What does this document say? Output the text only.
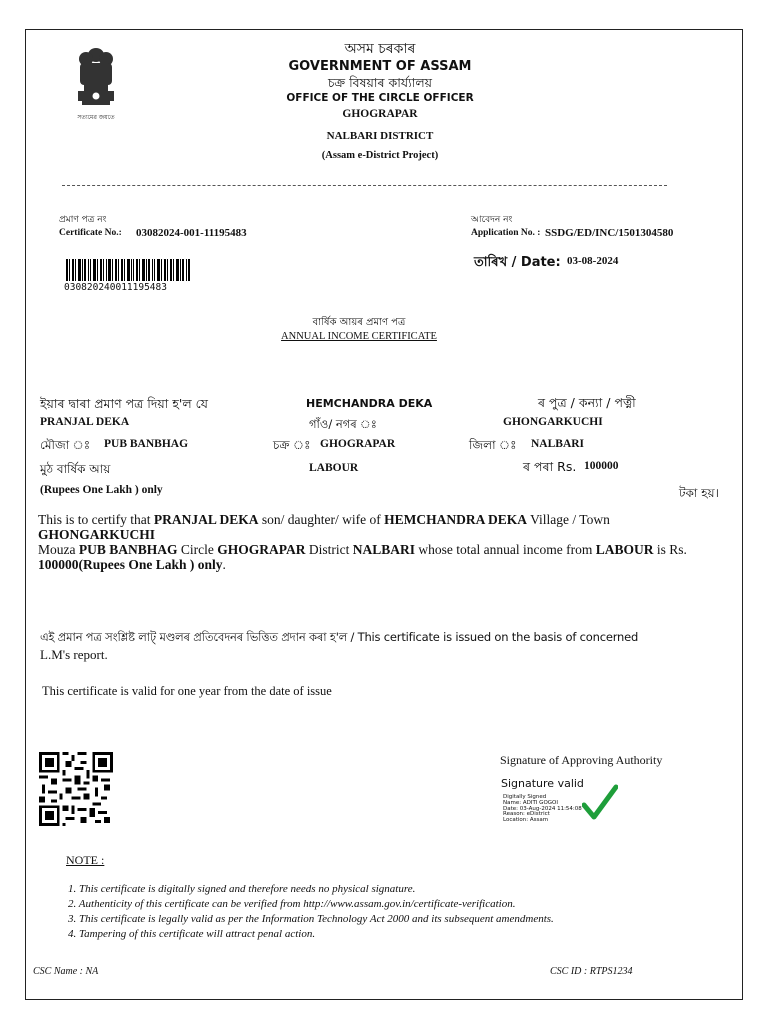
সত্যমেৱ জয়তে
অসম চৰকাৰ
GOVERNMENT OF ASSAM
চক্ৰ বিষয়াৰ কাৰ্য্যালয়
OFFICE OF THE CIRCLE OFFICER
GHOGRAPAR
NALBARI DISTRICT
(Assam e-District Project)
প্ৰমাণ পত্ৰ নং
Certificate No.: 03082024-001-11195483
আবেদন নং
Application No. : SSDG/ED/INC/1501304580
তাৰিখ / Date: 03-08-2024
030820240011195483
বাৰ্ষিক আয়ৰ প্ৰমাণ পত্ৰ
ANNUAL INCOME CERTIFICATE
ইয়াৰ দ্বাৰা প্ৰমাণ পত্ৰ দিয়া হ'ল যে	HEMCHANDRA DEKA	ৰ পুত্ৰ / কন্যা / পত্নী
PRANJAL DEKA	গাঁও/ নগৰ ঃ	GHONGARKUCHI
মৌজা ঃ PUB BANBHAG	চক্ৰ ঃ GHOGRAPAR	জিলা ঃ NALBARI
মুঠ বাৰ্ষিক আয়	LABOUR	ৰ পৰা Rs. 100000
(Rupees One Lakh ) only	টকা হয়।
This is to certify that PRANJAL DEKA son/ daughter/ wife of HEMCHANDRA DEKA Village / Town GHONGARKUCHI
Mouza PUB BANBHAG Circle GHOGRAPAR District NALBARI whose total annual income from LABOUR is Rs.
100000(Rupees One Lakh ) only.
এই প্ৰমান পত্ৰ সংশ্লিষ্ট লাট্‌ মণ্ডলৰ প্ৰতিবেদনৰ ভিত্তিত প্ৰদান কৰা হ'ল / This certificate is issued on the basis of concerned
L.M's report.
This certificate is valid for one year from the date of issue
Signature of Approving Authority
Signature valid
Digitally Signed
Name: ADITI GOGOI
Date: 03-Aug-2024 11:54:08
Reason: eDistrict
Location: Assam
NOTE :
1. This certificate is digitally signed and therefore needs no physical signature.
2. Authenticity of this certificate can be verified from http://www.assam.gov.in/certificate-verification.
3. This certificate is legally valid as per the Information Technology Act 2000 and its subsequent amendments.
4. Tampering of this certificate will attract penal action.
CSC Name : NA	CSC ID : RTPS1234
